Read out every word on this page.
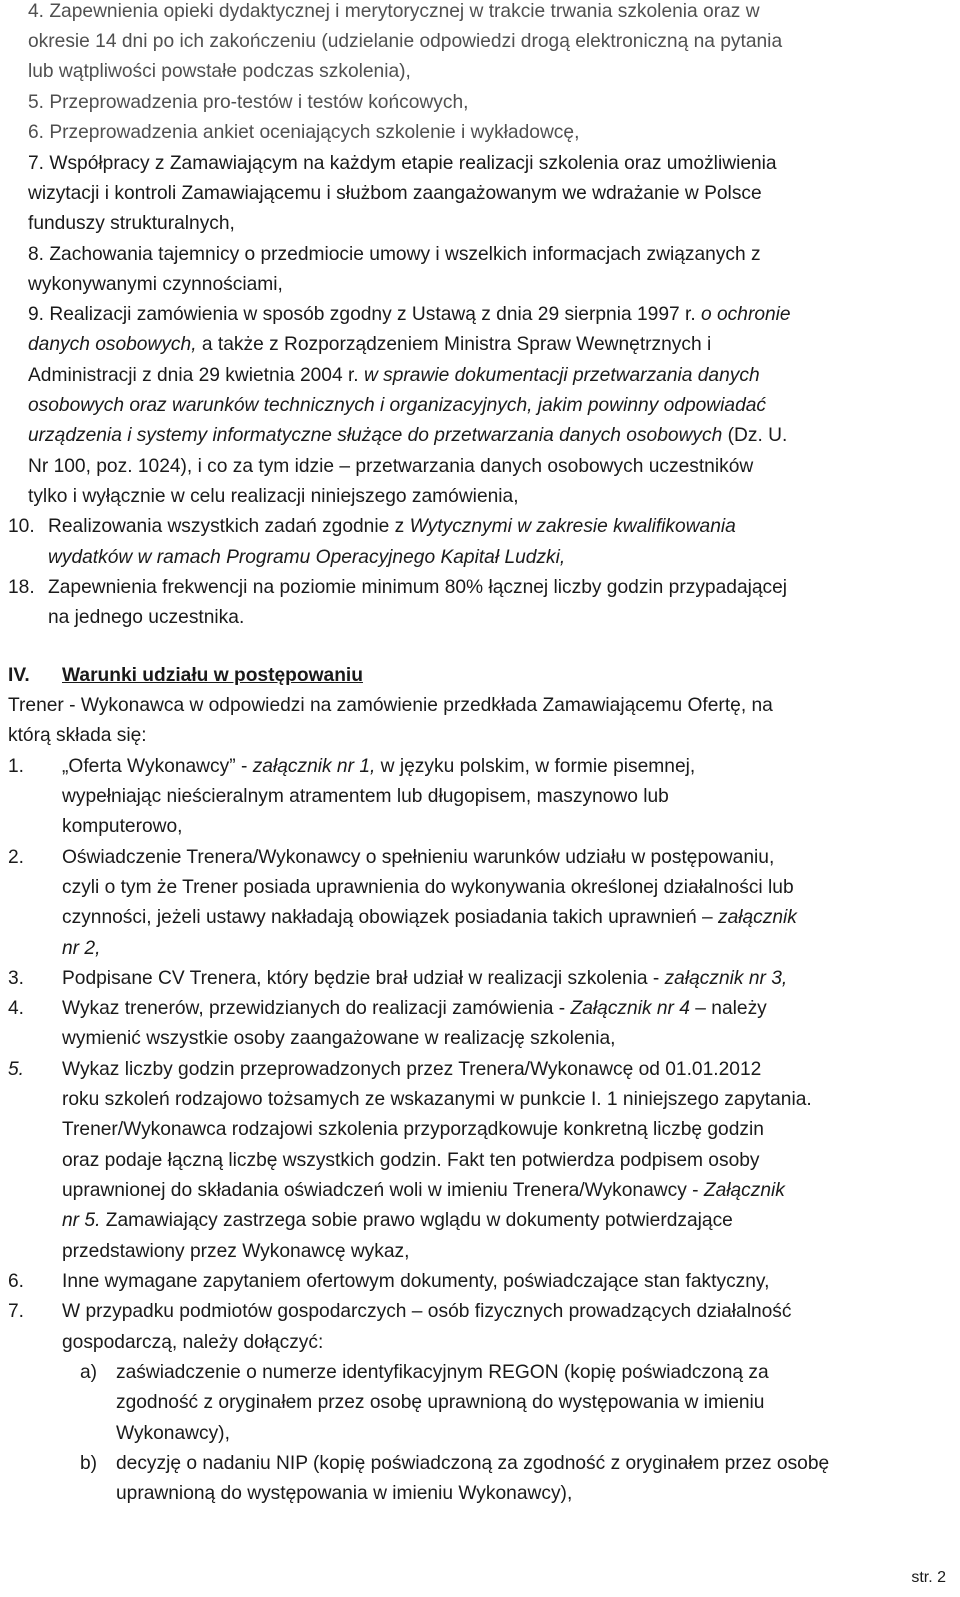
4. Zapewnienia opieki dydaktycznej i merytorycznej w trakcie trwania szkolenia oraz w
okresie 14 dni po ich zakończeniu (udzielanie odpowiedzi drogą elektroniczną na pytania
lub wątpliwości powstałe podczas szkolenia),
5. Przeprowadzenia pro-testów i testów końcowych,
6. Przeprowadzenia ankiet oceniających szkolenie i wykładowcę,
7. Współpracy z Zamawiającym na każdym etapie realizacji szkolenia oraz umożliwienia
wizytacji i kontroli Zamawiającemu i służbom zaangażowanym we wdrażanie w Polsce
funduszy strukturalnych,
8. Zachowania tajemnicy o przedmiocie umowy i wszelkich informacjach związanych z
wykonywanymi czynnościami,
9. Realizacji zamówienia w sposób zgodny z Ustawą z dnia 29 sierpnia 1997 r. o ochronie
danych osobowych, a także z Rozporządzeniem Ministra Spraw Wewnętrznych i
Administracji z dnia 29 kwietnia 2004 r. w sprawie dokumentacji przetwarzania danych
osobowych oraz warunków technicznych i organizacyjnych, jakim powinny odpowiadać
urządzenia i systemy informatyczne służące do przetwarzania danych osobowych (Dz. U.
Nr 100, poz. 1024), i co za tym idzie – przetwarzania danych osobowych uczestników
tylko i wyłącznie w celu realizacji niniejszego zamówienia,
10. Realizowania wszystkich zadań zgodnie z Wytycznymi w zakresie kwalifikowania
wydatków w ramach Programu Operacyjnego Kapitał Ludzki,
18. Zapewnienia frekwencji na poziomie minimum 80% łącznej liczby godzin przypadającej
na jednego uczestnika.
IV. Warunki udziału w postępowaniu
Trener - Wykonawca w odpowiedzi na zamówienie przedkłada Zamawiającemu Ofertę, na
którą składa się:
1. „Oferta Wykonawcy” - załącznik nr 1, w języku polskim, w formie pisemnej,
wypełniając nieścieralnym atramentem lub długopisem, maszynowo lub
komputerowo,
2. Oświadczenie Trenera/Wykonawcy o spełnieniu warunków udziału w postępowaniu,
czyli o tym że Trener posiada uprawnienia do wykonywania określonej działalności lub
czynności, jeżeli ustawy nakładają obowiązek posiadania takich uprawnień – załącznik
nr 2,
3. Podpisane CV Trenera, który będzie brał udział w realizacji szkolenia - załącznik nr 3,
4. Wykaz trenerów, przewidzianych do realizacji zamówienia - Załącznik nr 4 – należy
wymienić wszystkie osoby zaangażowane w realizację szkolenia,
5. Wykaz liczby godzin przeprowadzonych przez Trenera/Wykonawcę od 01.01.2012
roku szkoleń rodzajowo tożsamych ze wskazanymi w punkcie I. 1 niniejszego zapytania.
Trener/Wykonawca rodzajowi szkolenia przyporządkowuje konkretną liczbę godzin
oraz podaje łączną liczbę wszystkich godzin. Fakt ten potwierdza podpisem osoby
uprawnionej do składania oświadczeń woli w imieniu Trenera/Wykonawcy - Załącznik
nr 5. Zamawiający zastrzega sobie prawo wglądu w dokumenty potwierdzające
przedstawiony przez Wykonawcę wykaz,
6. Inne wymagane zapytaniem ofertowym dokumenty, poświadczające stan faktyczny,
7. W przypadku podmiotów gospodarczych – osób fizycznych prowadzących działalność
gospodarczą, należy dołączyć:
a) zaświadczenie o numerze identyfikacyjnym REGON (kopię poświadczoną za
zgodność z oryginałem przez osobę uprawnioną do występowania w imieniu
Wykonawcy),
b) decyzję o nadaniu NIP (kopię poświadczoną za zgodność z oryginałem przez osobę
uprawnioną do występowania w imieniu Wykonawcy),
str. 2
